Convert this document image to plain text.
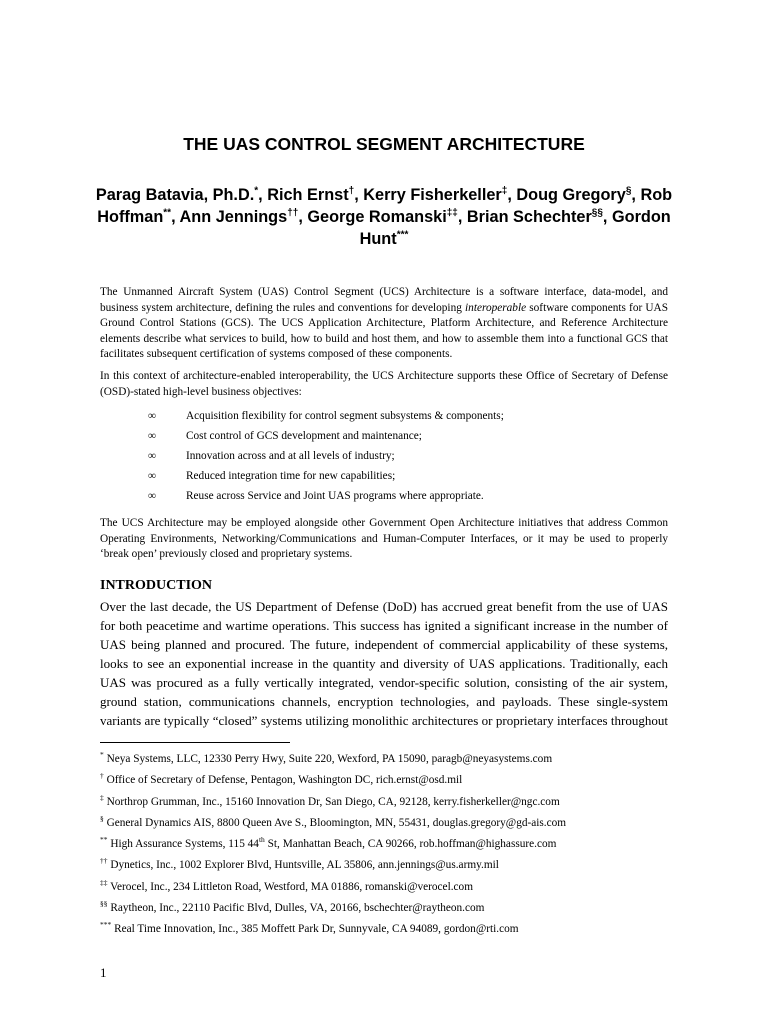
THE UAS CONTROL SEGMENT ARCHITECTURE
Parag Batavia, Ph.D.*, Rich Ernst†, Kerry Fisherkeller‡, Doug Gregory§, Rob Hoffman**, Ann Jennings††, George Romanski‡‡, Brian Schechter§§, Gordon Hunt***

The Unmanned Aircraft System (UAS) Control Segment (UCS) Architecture is a software interface, data-model, and business system architecture, defining the rules and conventions for developing interoperable software components for UAS Ground Control Stations (GCS). The UCS Application Architecture, Platform Architecture, and Reference Architecture elements describe what services to build, how to build and host them, and how to assemble them into a functional GCS that facilitates subsequent certification of systems composed of these components.

In this context of architecture-enabled interoperability, the UCS Architecture supports these Office of Secretary of Defense (OSD)-stated high-level business objectives:

∞	Acquisition flexibility for control segment subsystems & components;
∞	Cost control of GCS development and maintenance;
∞	Innovation across and at all levels of industry;
∞	Reduced integration time for new capabilities;
∞	Reuse across Service and Joint UAS programs where appropriate.

The UCS Architecture may be employed alongside other Government Open Architecture initiatives that address Common Operating Environments, Networking/Communications and Human-Computer Interfaces, or it may be used to properly ‘break open’ previously closed and proprietary systems.

INTRODUCTION

Over the last decade, the US Department of Defense (DoD) has accrued great benefit from the use of UAS for both peacetime and wartime operations. This success has ignited a significant increase in the number of UAS being planned and procured. The future, independent of commercial applicability of these systems, looks to see an exponential increase in the quantity and diversity of UAS applications. Traditionally, each UAS was procured as a fully vertically integrated, vendor-specific solution, consisting of the air system, ground station, communications channels, encryption technologies, and payloads. These single-system variants are typically “closed” systems utilizing monolithic architectures or proprietary interfaces throughout

* Neya Systems, LLC, 12330 Perry Hwy, Suite 220, Wexford, PA 15090, paragb@neyasystems.com
† Office of Secretary of Defense, Pentagon, Washington DC, rich.ernst@osd.mil
‡ Northrop Grumman, Inc., 15160 Innovation Dr, San Diego, CA, 92128, kerry.fisherkeller@ngc.com
§ General Dynamics AIS, 8800 Queen Ave S., Bloomington, MN, 55431, douglas.gregory@gd-ais.com
** High Assurance Systems, 115 44th St, Manhattan Beach, CA 90266, rob.hoffman@highassure.com
†† Dynetics, Inc., 1002 Explorer Blvd, Huntsville, AL 35806, ann.jennings@us.army.mil
‡‡ Verocel, Inc., 234 Littleton Road, Westford, MA 01886, romanski@verocel.com
§§ Raytheon, Inc., 22110 Pacific Blvd, Dulles, VA, 20166, bschechter@raytheon.com
*** Real Time Innovation, Inc., 385 Moffett Park Dr, Sunnyvale, CA 94089, gordon@rti.com
1
